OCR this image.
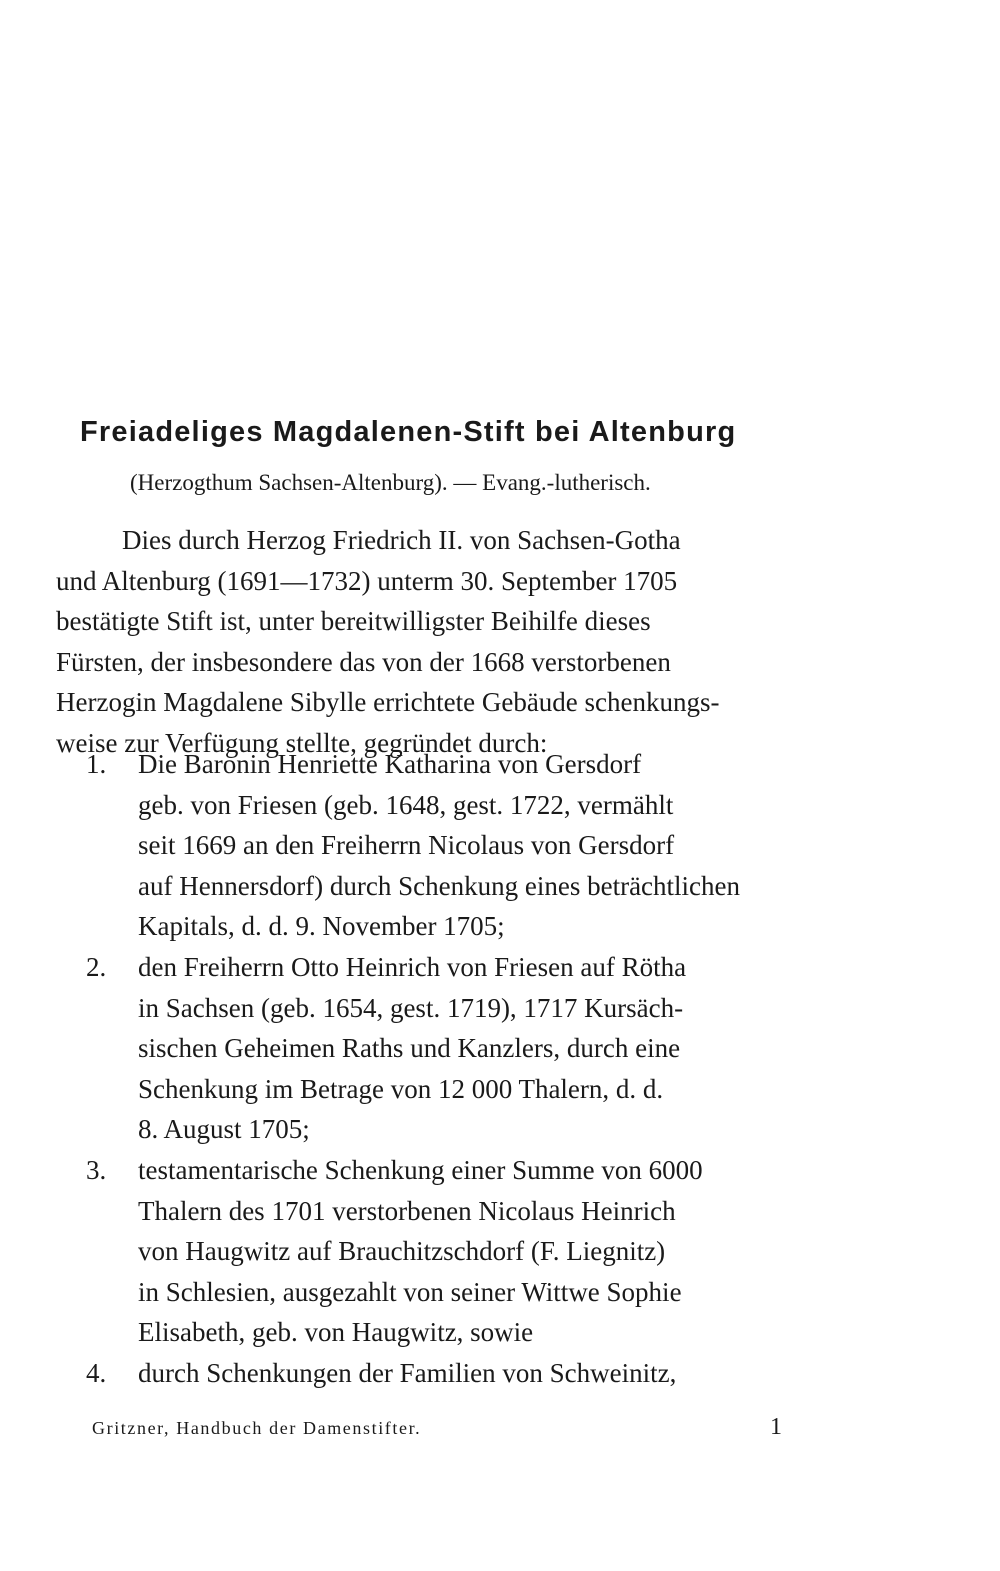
Freiadeliges Magdalenen-Stift bei Altenburg

(Herzogthum Sachsen-Altenburg). — Evang.-lutherisch.

Dies durch Herzog Friedrich II. von Sachsen-Gotha
und Altenburg (1691—1732) unterm 30. September 1705
bestätigte Stift ist, unter bereitwilligster Beihilfe dieses
Fürsten, der insbesondere das von der 1668 verstorbenen
Herzogin Magdalene Sibylle errichtete Gebäude schenkungs-
weise zur Verfügung stellte, gegründet durch:
1.	Die Baronin Henriette Katharina von Gersdorf
geb. von Friesen (geb. 1648, gest. 1722, vermählt
seit 1669 an den Freiherrn Nicolaus von Gersdorf
auf Hennersdorf) durch Schenkung eines beträchtlichen
Kapitals, d. d. 9. November 1705;
2.	den Freiherrn Otto Heinrich von Friesen auf Rötha
in Sachsen (geb. 1654, gest. 1719), 1717 Kursäch-
sischen Geheimen Raths und Kanzlers, durch eine
Schenkung im Betrage von 12 000 Thalern, d. d.
8. August 1705;
3.	testamentarische Schenkung einer Summe von 6000
Thalern des 1701 verstorbenen Nicolaus Heinrich
von Haugwitz auf Brauchitzschdorf (F. Liegnitz)
in Schlesien, ausgezahlt von seiner Wittwe Sophie
Elisabeth, geb. von Haugwitz, sowie
4.	durch Schenkungen der Familien von Schweinitz,
Gritzner, Handbuch der Damenstifter.	1
